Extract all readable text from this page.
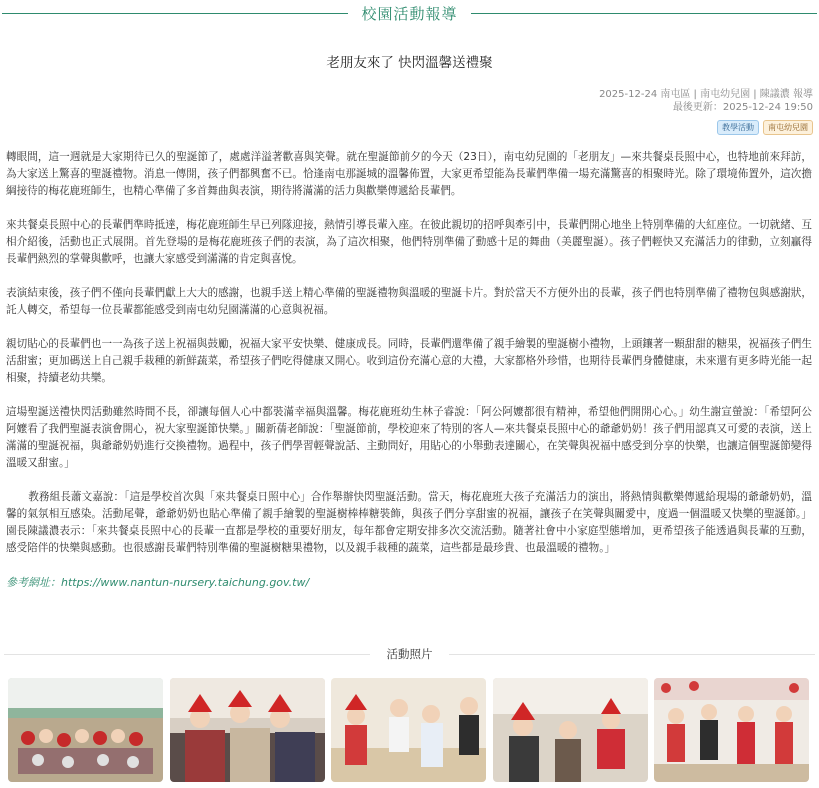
校園活動報導
老朋友來了 快閃溫馨送禮聚
2025-12-24 南屯區 | 南屯幼兒園 | 陳議濃 報導
最後更新：2025-12-24 19:50
教學活動	南屯幼兒園

轉眼間，這一週就是大家期待已久的聖誕節了，處處洋溢著歡喜與笑聲。就在聖誕節前夕的今天（23日），南屯幼兒園的「老朋友」—來共餐桌長照中心，也特地前來拜訪，為大家送上驚喜的聖誕禮物。消息一傳開，孩子們都興奮不已。恰逢南屯那誕城的溫馨佈置，大家更希望能為長輩們準備一場充滿驚喜的相聚時光。除了環境佈置外，這次擔綱接待的梅花鹿班師生，也精心準備了多首舞曲與表演，期待將滿滿的活力與歡樂傳遞給長輩們。

來共餐桌長照中心的長輩們準時抵達，梅花鹿班師生早已列隊迎接，熱情引導長輩入座。在彼此親切的招呼與牽引中，長輩們開心地坐上特別準備的大紅座位。一切就緒、互相介紹後，活動也正式展開。首先登場的是梅花鹿班孩子們的表演，為了這次相聚，他們特別準備了動感十足的舞曲（美麗聖誕）。孩子們輕快又充滿活力的律動，立刻贏得長輩們熱烈的掌聲與歡呼，也讓大家感受到滿滿的肯定與喜悅。

表演結束後，孩子們不僅向長輩們獻上大大的感謝，也親手送上精心準備的聖誕禮物與溫暖的聖誕卡片。對於當天不方便外出的長輩，孩子們也特別準備了禮物包與感謝狀，託人轉交，希望每一位長輩都能感受到南屯幼兒園滿滿的心意與祝福。

親切貼心的長輩們也一一為孩子送上祝福與鼓勵，祝福大家平安快樂、健康成長。同時，長輩們還準備了親手繪製的聖誕樹小禮物，上頭鑲著一顆甜甜的糖果，祝福孩子們生活甜蜜；更加碼送上自己親手栽種的新鮮蔬菜，希望孩子們吃得健康又開心。收到這份充滿心意的大禮，大家都格外珍惜，也期待長輩們身體健康，未來還有更多時光能一起相聚，持續老幼共樂。

這場聖誕送禮快閃活動雖然時間不長，卻讓每個人心中都裝滿幸福與溫馨。梅花鹿班幼生林子睿說：「阿公阿嬤都很有精神，希望他們開開心心。」幼生謝宣螢說：「希望阿公阿嬤看了我們聖誕表演會開心，祝大家聖誕節快樂。」關新蒨老師說：「聖誕節前，學校迎來了特別的客人—來共餐桌長照中心的爺爺奶奶！孩子們用認真又可愛的表演，送上滿滿的聖誕祝福，與爺爺奶奶進行交換禮物。過程中，孩子們學習輕聲說話、主動問好，用貼心的小舉動表達關心，在笑聲與祝福中感受到分享的快樂，也讓這個聖誕節變得溫暖又甜蜜。」

教務組長蕭文嘉說：「這是學校首次與「來共餐桌日照中心」合作舉辦快閃聖誕活動。當天，梅花鹿班大孩子充滿活力的演出，將熱情與歡樂傳遞給現場的爺爺奶奶，溫馨的氣氛相互感染。活動尾聲，爺爺奶奶也貼心準備了親手繪製的聖誕樹棒棒糖裝飾，與孩子們分享甜蜜的祝福，讓孩子在笑聲與關愛中，度過一個溫暖又快樂的聖誕節。」園長陳議濃表示：「來共餐桌長照中心的長輩一直都是學校的重要好朋友，每年都會定期安排多次交流活動。隨著社會中小家庭型態增加，更希望孩子能透過與長輩的互動，感受陪伴的快樂與感動。也很感謝長輩們特別準備的聖誕樹糖果禮物，以及親手栽種的蔬菜，這些都是最珍貴、也最溫暖的禮物。」

參考網址：https://www.nantun-nursery.taichung.gov.tw/

活動照片
